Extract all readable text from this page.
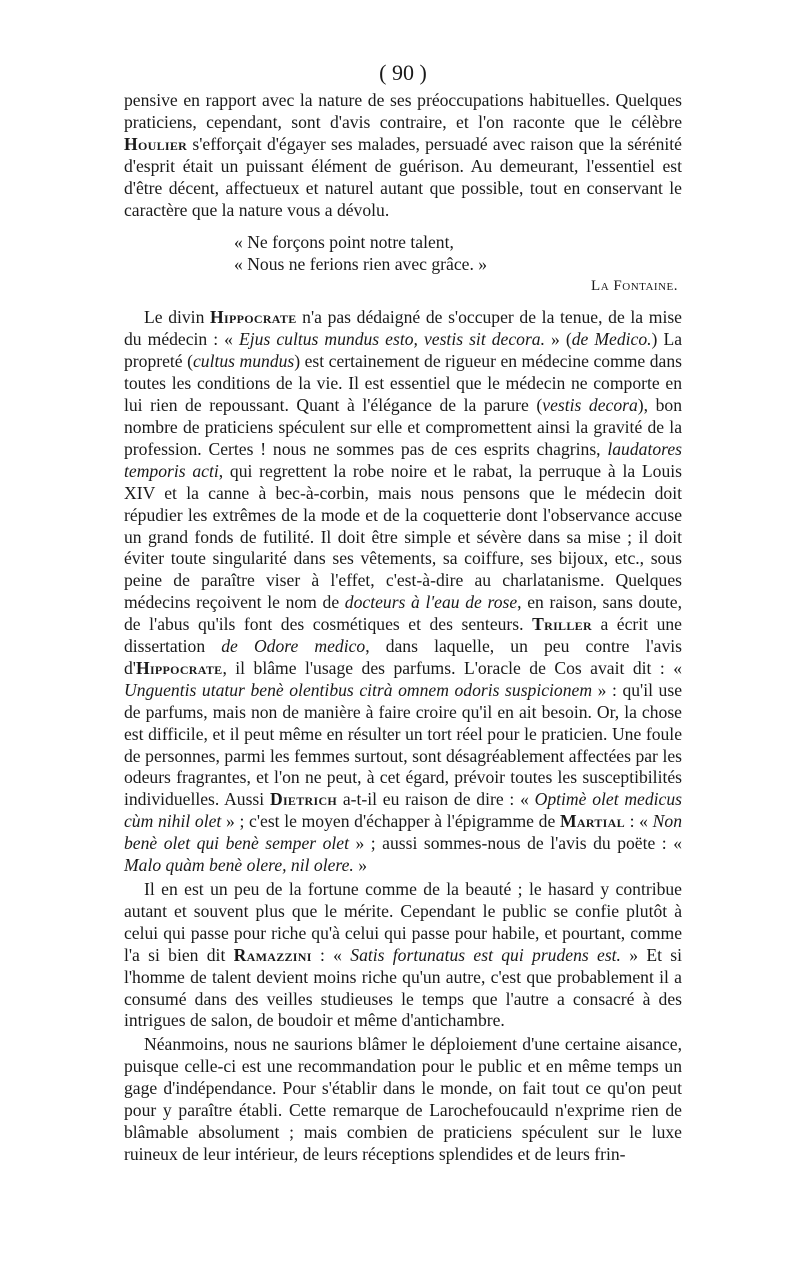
( 90 )

pensive en rapport avec la nature de ses préoccupations habituelles. Quelques praticiens, cependant, sont d'avis contraire, et l'on raconte que le célèbre Houlier s'efforçait d'égayer ses malades, persuadé avec raison que la sérénité d'esprit était un puissant élément de guérison. Au demeurant, l'essentiel est d'être décent, affectueux et naturel autant que possible, tout en conservant le caractère que la nature vous a dévolu.

« Ne forçons point notre talent,
« Nous ne ferions rien avec grâce. »
La Fontaine.

Le divin Hippocrate n'a pas dédaigné de s'occuper de la tenue, de la mise du médecin : « Ejus cultus mundus esto, vestis sit decora. » (de Medico.) La propreté (cultus mundus) est certainement de rigueur en médecine comme dans toutes les conditions de la vie. Il est essentiel que le médecin ne comporte en lui rien de repoussant. Quant à l'élégance de la parure (vestis decora), bon nombre de praticiens spéculent sur elle et compromettent ainsi la gravité de la profession. Certes ! nous ne sommes pas de ces esprits chagrins, laudatores temporis acti, qui regrettent la robe noire et le rabat, la perruque à la Louis XIV et la canne à bec-à-corbin, mais nous pensons que le médecin doit répudier les extrêmes de la mode et de la coquetterie dont l'observance accuse un grand fonds de futilité. Il doit être simple et sévère dans sa mise ; il doit éviter toute singularité dans ses vêtements, sa coiffure, ses bijoux, etc., sous peine de paraître viser à l'effet, c'est-à-dire au charlatanisme. Quelques médecins reçoivent le nom de docteurs à l'eau de rose, en raison, sans doute, de l'abus qu'ils font des cosmétiques et des senteurs. Triller a écrit une dissertation de Odore medico, dans laquelle, un peu contre l'avis d'Hippocrate, il blâme l'usage des parfums. L'oracle de Cos avait dit : « Unguentis utatur benè olentibus citrà omnem odoris suspicionem » : qu'il use de parfums, mais non de manière à faire croire qu'il en ait besoin. Or, la chose est difficile, et il peut même en résulter un tort réel pour le praticien. Une foule de personnes, parmi les femmes surtout, sont désagréablement affectées par les odeurs fragrantes, et l'on ne peut, à cet égard, prévoir toutes les susceptibilités individuelles. Aussi Dietrich a-t-il eu raison de dire : « Optimè olet medicus cùm nihil olet » ; c'est le moyen d'échapper à l'épigramme de Martial : « Non benè olet qui benè semper olet » ; aussi sommes-nous de l'avis du poëte : « Malo quàm benè olere, nil olere. »

Il en est un peu de la fortune comme de la beauté ; le hasard y contribue autant et souvent plus que le mérite. Cependant le public se confie plutôt à celui qui passe pour riche qu'à celui qui passe pour habile, et pourtant, comme l'a si bien dit Ramazzini : « Satis fortunatus est qui prudens est. » Et si l'homme de talent devient moins riche qu'un autre, c'est que probablement il a consumé dans des veilles studieuses le temps que l'autre a consacré à des intrigues de salon, de boudoir et même d'antichambre.

Néanmoins, nous ne saurions blâmer le déploiement d'une certaine aisance, puisque celle-ci est une recommandation pour le public et en même temps un gage d'indépendance. Pour s'établir dans le monde, on fait tout ce qu'on peut pour y paraître établi. Cette remarque de Larochefoucauld n'exprime rien de blâmable absolument ; mais combien de praticiens spéculent sur le luxe ruineux de leur intérieur, de leurs réceptions splendides et de leurs frin-
